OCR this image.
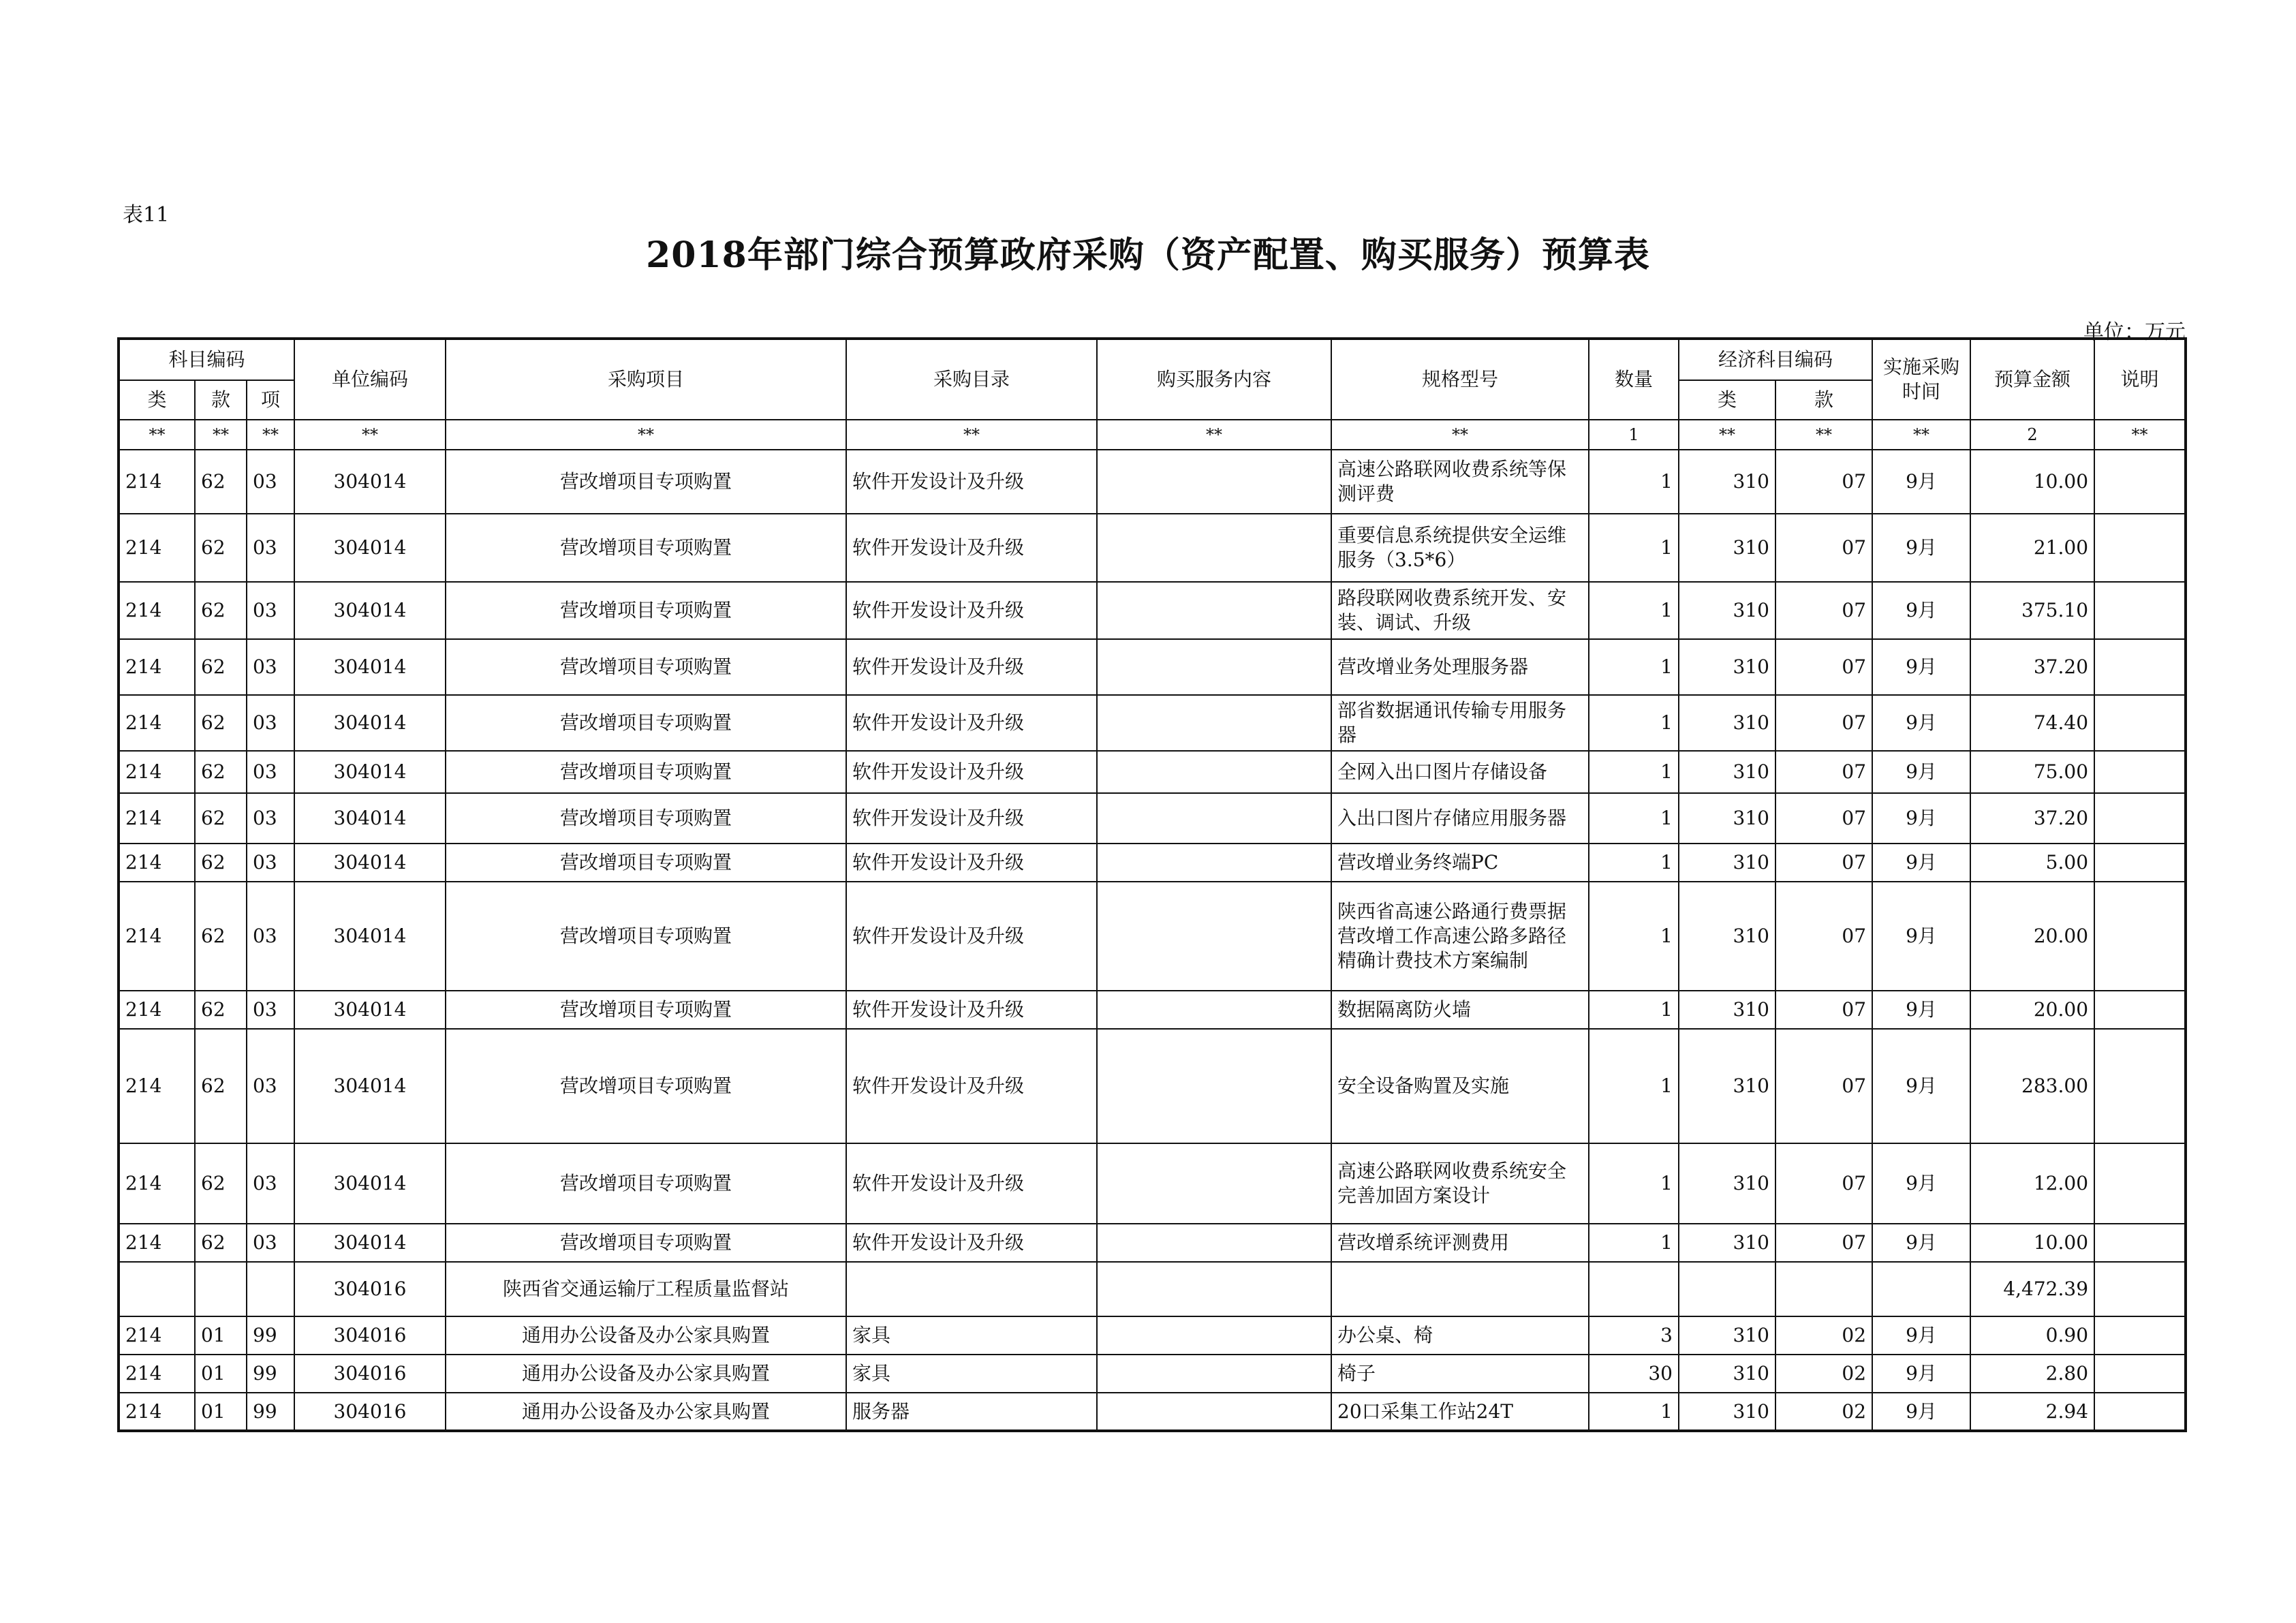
表11
2018年部门综合预算政府采购（资产配置、购买服务）预算表
单位：万元
科目编码			单位编码	采购项目	采购目录	购买服务内容	规格型号	数量	经济科目编码		实施采购时间	预算金额	说明
类	款	项							类	款			
**	**	**	**	**	**	**	**	1	**	**	**	2	**
214	62	03	304014	营改增项目专项购置	软件开发设计及升级		高速公路联网收费系统等保测评费	1	310	07	9月	10.00	
214	62	03	304014	营改增项目专项购置	软件开发设计及升级		重要信息系统提供安全运维服务（3.5*6）	1	310	07	9月	21.00	
214	62	03	304014	营改增项目专项购置	软件开发设计及升级		路段联网收费系统开发、安装、调试、升级	1	310	07	9月	375.10	
214	62	03	304014	营改增项目专项购置	软件开发设计及升级		营改增业务处理服务器	1	310	07	9月	37.20	
214	62	03	304014	营改增项目专项购置	软件开发设计及升级		部省数据通讯传输专用服务器	1	310	07	9月	74.40	
214	62	03	304014	营改增项目专项购置	软件开发设计及升级		全网入出口图片存储设备	1	310	07	9月	75.00	
214	62	03	304014	营改增项目专项购置	软件开发设计及升级		入出口图片存储应用服务器	1	310	07	9月	37.20	
214	62	03	304014	营改增项目专项购置	软件开发设计及升级		营改增业务终端PC	1	310	07	9月	5.00	
214	62	03	304014	营改增项目专项购置	软件开发设计及升级		陕西省高速公路通行费票据营改增工作高速公路多路径精确计费技术方案编制	1	310	07	9月	20.00	
214	62	03	304014	营改增项目专项购置	软件开发设计及升级		数据隔离防火墙	1	310	07	9月	20.00	
214	62	03	304014	营改增项目专项购置	软件开发设计及升级		安全设备购置及实施	1	310	07	9月	283.00	
214	62	03	304014	营改增项目专项购置	软件开发设计及升级		高速公路联网收费系统安全完善加固方案设计	1	310	07	9月	12.00	
214	62	03	304014	营改增项目专项购置	软件开发设计及升级		营改增系统评测费用	1	310	07	9月	10.00	
			304016	陕西省交通运输厅工程质量监督站								4,472.39	
214	01	99	304016	通用办公设备及办公家具购置	家具		办公桌、椅	3	310	02	9月	0.90	
214	01	99	304016	通用办公设备及办公家具购置	家具		椅子	30	310	02	9月	2.80	
214	01	99	304016	通用办公设备及办公家具购置	服务器		20口采集工作站24T	1	310	02	9月	2.94	
